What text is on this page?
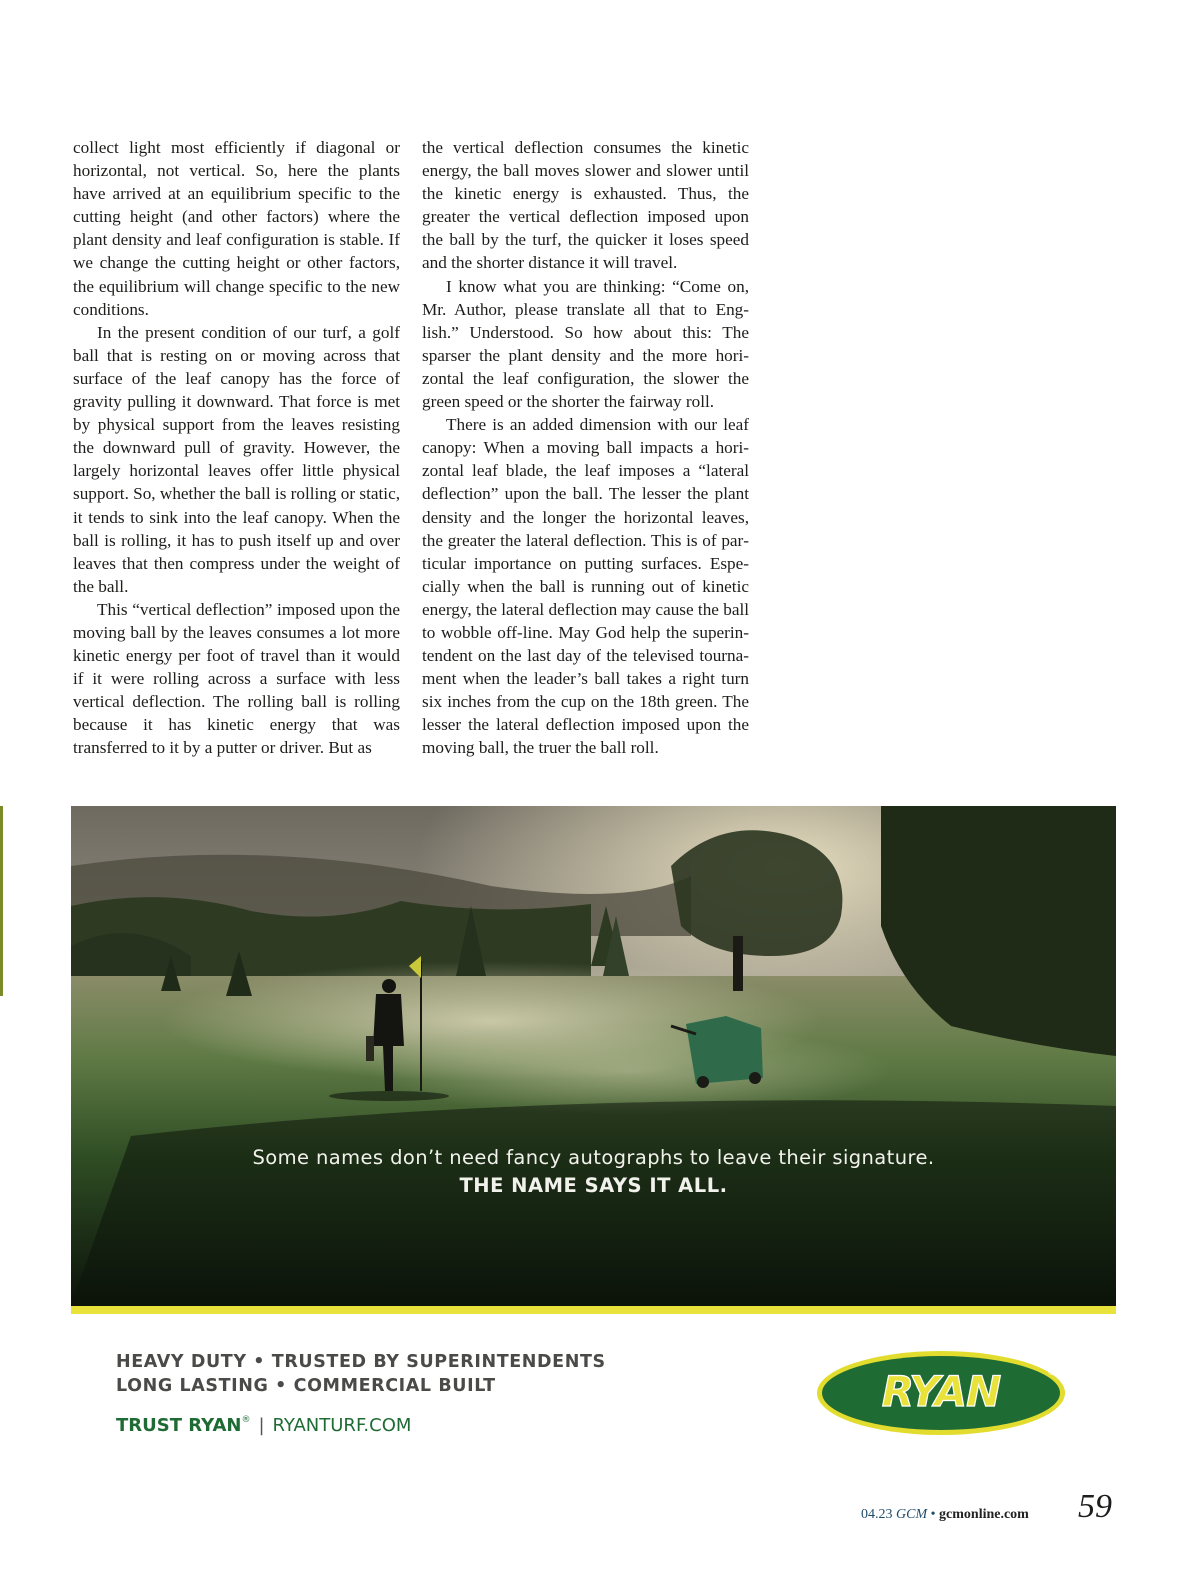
collect light most efficiently if diagonal or horizontal, not vertical. So, here the plants have arrived at an equilibrium specific to the cutting height (and other factors) where the plant density and leaf configuration is stable. If we change the cutting height or other factors, the equilibrium will change specific to the new conditions.

In the present condition of our turf, a golf ball that is resting on or moving across that surface of the leaf canopy has the force of gravity pulling it downward. That force is met by physical support from the leaves resisting the downward pull of gravity. However, the largely horizontal leaves offer little physical support. So, whether the ball is rolling or static, it tends to sink into the leaf canopy. When the ball is rolling, it has to push itself up and over leaves that then compress under the weight of the ball.

This “vertical deflection” imposed upon the moving ball by the leaves consumes a lot more kinetic energy per foot of travel than it would if it were rolling across a surface with less vertical deflection. The rolling ball is rolling because it has kinetic energy that was transferred to it by a putter or driver. But as

the vertical deflection consumes the kinetic energy, the ball moves slower and slower until the kinetic energy is exhausted. Thus, the greater the vertical deflection imposed upon the ball by the turf, the quicker it loses speed and the shorter distance it will travel.

I know what you are thinking: “Come on, Mr. Author, please translate all that to English.” Understood. So how about this: The sparser the plant density and the more horizontal the leaf configuration, the slower the green speed or the shorter the fairway roll.

There is an added dimension with our leaf canopy: When a moving ball impacts a horizontal leaf blade, the leaf imposes a “lateral deflection” upon the ball. The lesser the plant density and the longer the horizontal leaves, the greater the lateral deflection. This is of particular importance on putting surfaces. Especially when the ball is running out of kinetic energy, the lateral deflection may cause the ball to wobble off-line. May God help the superintendent on the last day of the televised tournament when the leader’s ball takes a right turn six inches from the cup on the 18th green. The lesser the lateral deflection imposed upon the moving ball, the truer the ball roll.

Some names don’t need fancy autographs to leave their signature.
THE NAME SAYS IT ALL.
HEAVY DUTY • TRUSTED BY SUPERINTENDENTS
LONG LASTING • COMMERCIAL BUILT
TRUST RYAN® | RYANTURF.COM
RYAN	®
04.23 GCM • gcmonline.com 59
